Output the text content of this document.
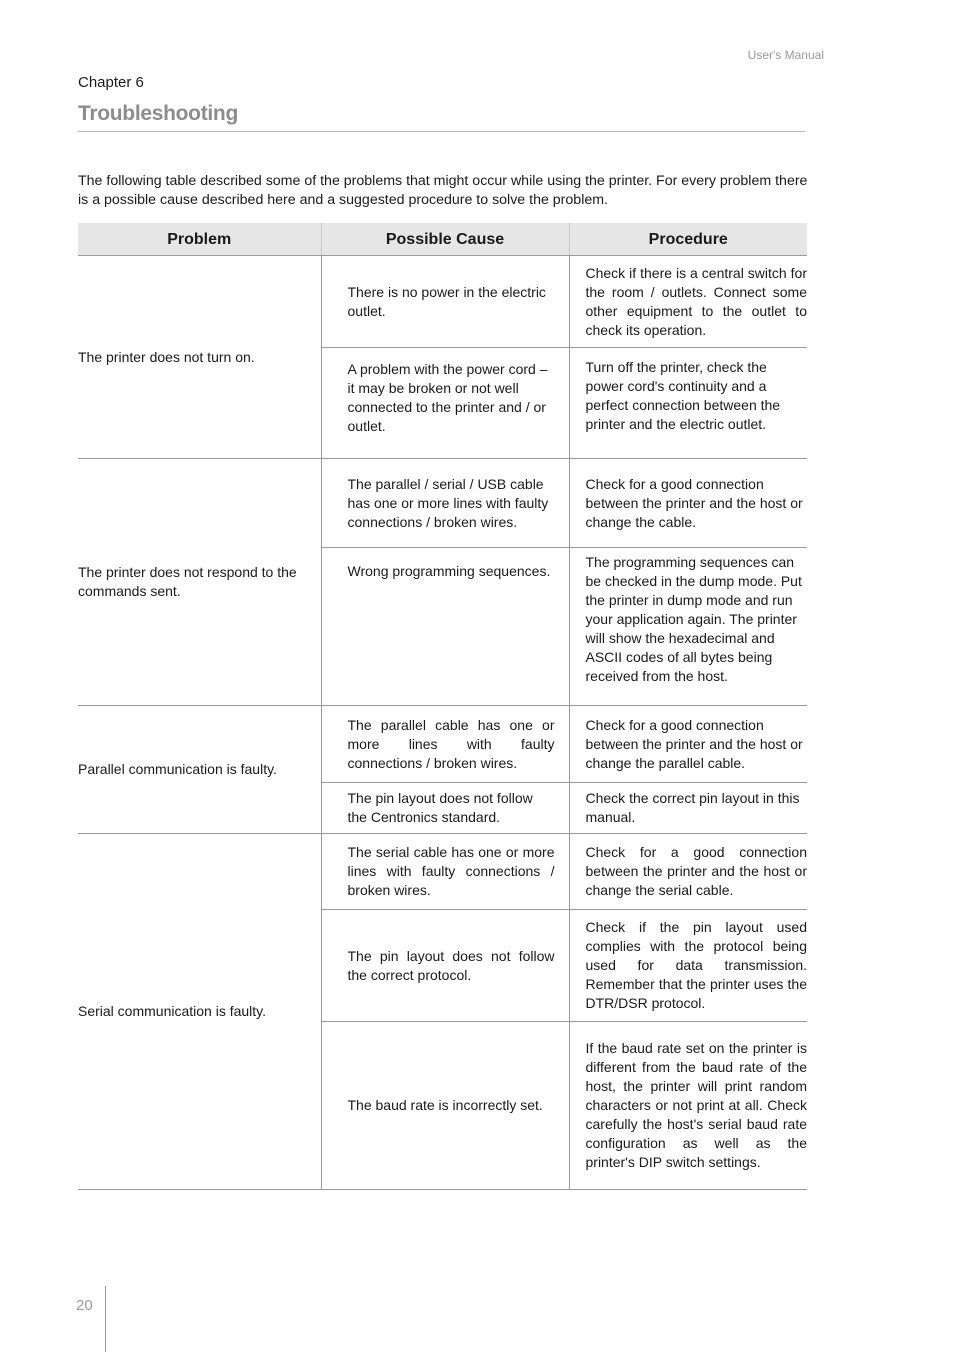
User's Manual
Chapter 6
Troubleshooting
The following table described some of the problems that might occur while using the printer. For every problem there is a possible cause described here and a suggested procedure to solve the problem.
Problem	Possible Cause	Procedure
The printer does not turn on.	There is no power in the electric outlet.	Check if there is a central switch for the room / outlets. Connect some other equipment to the outlet to check its operation.
	A problem with the power cord – it may be broken or not well connected to the printer and / or outlet.	Turn off the printer, check the power cord's continuity and a perfect connection between the printer and the electric outlet.
The printer does not respond to the commands sent.	The parallel / serial / USB cable has one or more lines with faulty connections / broken wires.	Check for a good connection between the printer and the host or change the cable.
	Wrong programming sequences.	The programming sequences can be checked in the dump mode. Put the printer in dump mode and run your application again. The printer will show the hexadecimal and ASCII codes of all bytes being received from the host.
Parallel communication is faulty.	The parallel cable has one or more lines with faulty connections / broken wires.	Check for a good connection between the printer and the host or change the parallel cable.
	The pin layout does not follow the Centronics standard.	Check the correct pin layout in this manual.
Serial communication is faulty.	The serial cable has one or more lines with faulty connections / broken wires.	Check for a good connection between the printer and the host or change the serial cable.
	The pin layout does not follow the correct protocol.	Check if the pin layout used complies with the protocol being used for data transmission. Remember that the printer uses the DTR/DSR protocol.
	The baud rate is incorrectly set.	If the baud rate set on the printer is different from the baud rate of the host, the printer will print random characters or not print at all. Check carefully the host's serial baud rate configuration as well as the printer's DIP switch settings.
20
